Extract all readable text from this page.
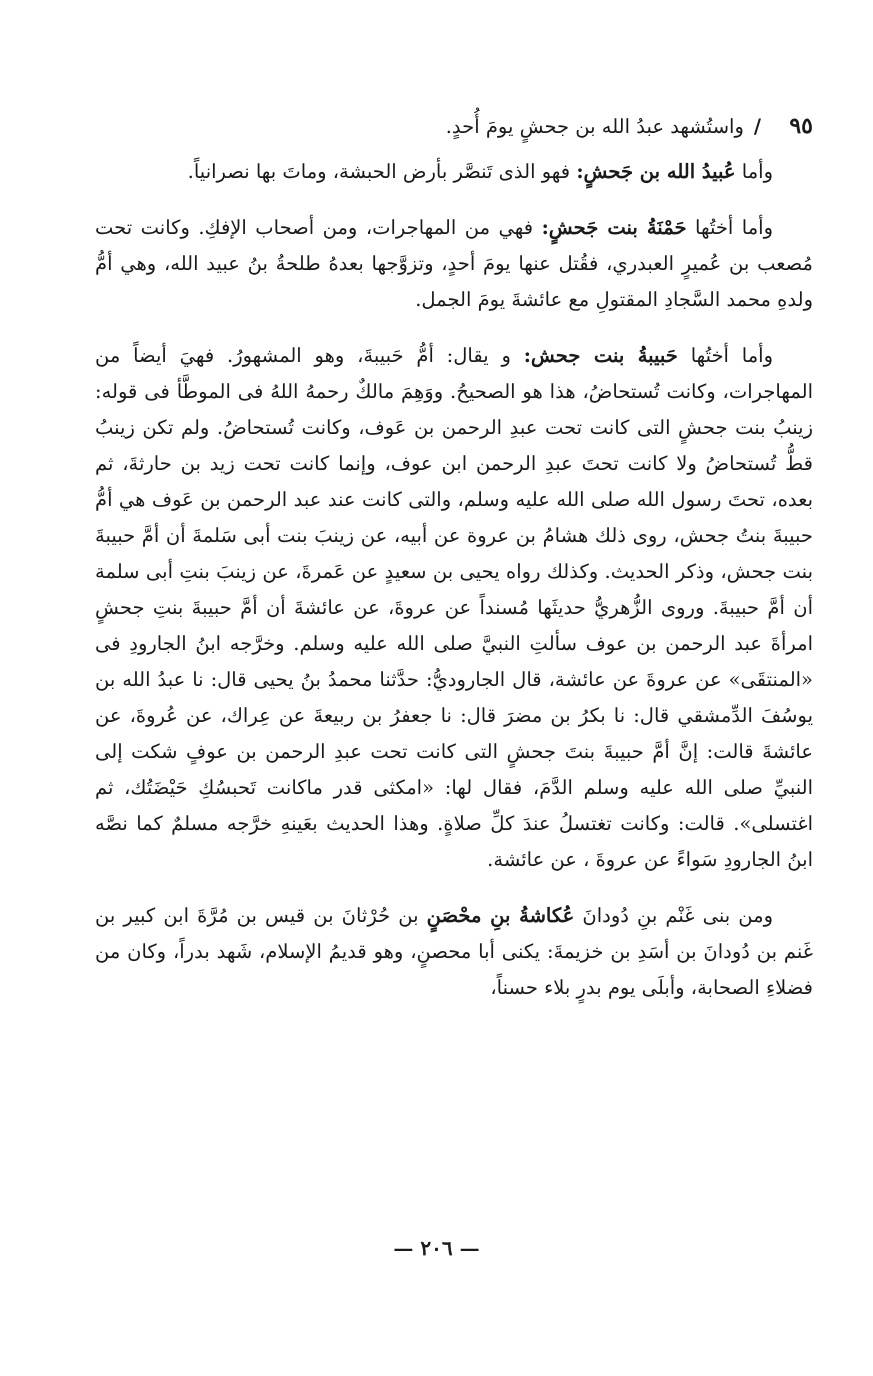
٩٥
/
واستُشهد عبدُ الله بن جحشٍ يومَ أُحدٍ.

وأما عُبيدُ الله بن جَحشٍ: فهو الذى تَنصَّر بأرض الحبشة، وماتَ بها نصرانياً.

وأما أختُها حَمْنَةُ بنت جَحشٍ: فهي من المهاجرات، ومن أصحاب الإفكِ. وكانت تحت مُصعب بن عُميرٍ العبدري، فقُتل عنها يومَ أحدٍ، وتزوَّجها بعدهُ طلحةُ بنُ عبيد الله، وهي أمُّ ولدهِ محمد السَّجادِ المقتولِ مع عائشةَ يومَ الجمل.

وأما أختُها حَبيبةُ بنت جحش: و يقال: أمُّ حَبيبةَ، وهو المشهورُ. فهيَ أيضاً من المهاجرات، وكانت تُستحاضُ، هذا هو الصحيحُ. ووَهِمَ مالكٌ رحمهُ اللهُ فى الموطَّأ فى قوله: زينبُ بنت جحشٍ التى كانت تحت عبدِ الرحمن بن عَوف، وكانت تُستحاضُ. ولم تكن زينبُ قطُّ تُستحاضُ ولا كانت تحتَ عبدِ الرحمن ابن عوف، وإنما كانت تحت زيد بن حارثةَ، ثم بعده، تحتَ رسول الله صلى الله عليه وسلم، والتى كانت عند عبد الرحمن بن عَوف هي أمُّ حبيبةَ بنتُ جحش، روى ذلك هشامُ بن عروة عن أبيه، عن زينبَ بنت أبى سَلمةَ أن أمَّ حبيبةَ بنت جحش، وذكر الحديث. وكذلك رواه يحيى بن سعيدٍ عن عَمرةَ، عن زينبَ بنتِ أبى سلمة أن أمَّ حبيبةَ. وروى الزُّهريُّ حديثَها مُسنداً عن عروةَ، عن عائشةَ أن أمَّ حبيبةَ بنتِ جحشٍ امرأةَ عبد الرحمن بن عوف سألتِ النبيَّ صلى الله عليه وسلم. وخرَّجه ابنُ الجارودِ فى «المنتقَى» عن عروةَ عن عائشة، قال الجاروديُّ: حدَّثنا محمدُ بنُ يحيى قال: نا عبدُ الله بن يوسُفَ الدِّمشقي قال: نا بكرُ بن مضرَ قال: نا جعفرُ بن ربيعةَ عن عِراك، عن عُروةَ، عن عائشةَ قالت: إنَّ أمَّ حبيبةَ بنتَ جحشٍ التى كانت تحت عبدِ الرحمن بن عوفٍ شكت إلى النبيِّ صلى الله عليه وسلم الدَّمَ، فقال لها: «امكثى قدر ماكانت تَحبسُكِ حَيْضَتُك، ثم اغتسلى». قالت: وكانت تغتسلُ عندَ كلِّ صلاةٍ. وهذا الحديث بعَينهِ خرَّجه مسلمٌ كما نصَّه ابنُ الجارودِ سَواءً عن عروةَ ، عن عائشة.

ومن بنى غَنْم بنِ دُودانَ عُكاشةُ بنِ محْصَنٍ بن حُرْثانَ بن قيس بن مُرَّةَ ابن كبير بن غَنم بن دُودانَ بن أسَدِ بن خزيمةَ: يكنى أبا محصنٍ، وهو قديمُ الإسلام، شَهد بدراً، وكان من فضلاءِ الصحابة، وأبلَى يوم بدرٍ بلاء حسناً،

— ٢٠٦ —
